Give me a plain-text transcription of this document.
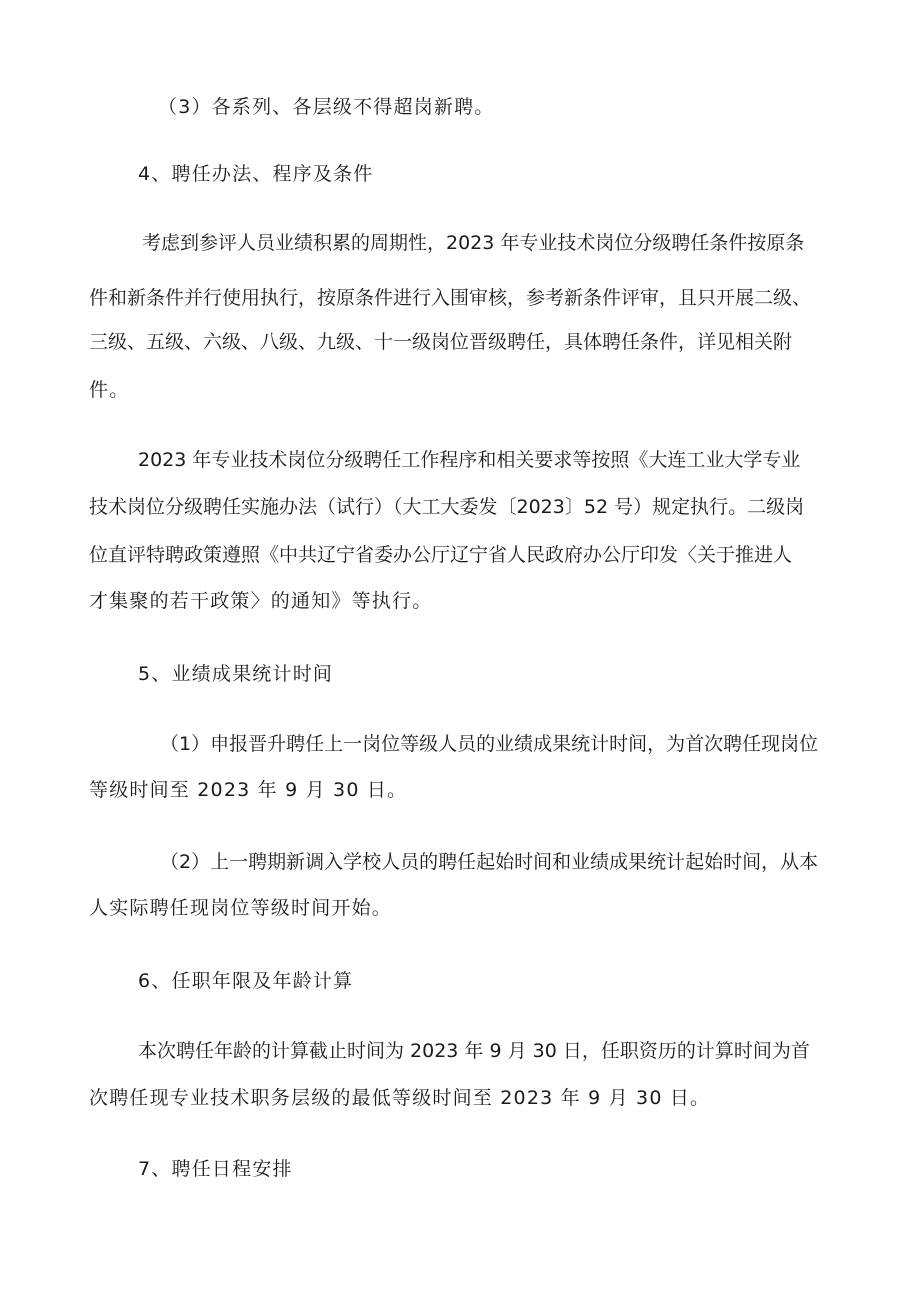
（3）各系列、各层级不得超岗新聘。
4、聘任办法、程序及条件
考虑到参评人员业绩积累的周期性，2023 年专业技术岗位分级聘任条件按原条
件和新条件并行使用执行，按原条件进行入围审核，参考新条件评审，且只开展二级、
三级、五级、六级、八级、九级、十一级岗位晋级聘任，具体聘任条件，详见相关附
件。
2023 年专业技术岗位分级聘任工作程序和相关要求等按照《大连工业大学专业
技术岗位分级聘任实施办法（试行）（大工大委发〔2023〕52 号）规定执行。二级岗
位直评特聘政策遵照《中共辽宁省委办公厅辽宁省人民政府办公厅印发〈关于推进人
才集聚的若干政策〉的通知》等执行。
5、业绩成果统计时间
（1）申报晋升聘任上一岗位等级人员的业绩成果统计时间，为首次聘任现岗位
等级时间至 2023 年 9 月 30 日。
（2）上一聘期新调入学校人员的聘任起始时间和业绩成果统计起始时间，从本
人实际聘任现岗位等级时间开始。
6、任职年限及年龄计算
本次聘任年龄的计算截止时间为 2023 年 9 月 30 日，任职资历的计算时间为首
次聘任现专业技术职务层级的最低等级时间至 2023 年 9 月 30 日。
7、聘任日程安排
